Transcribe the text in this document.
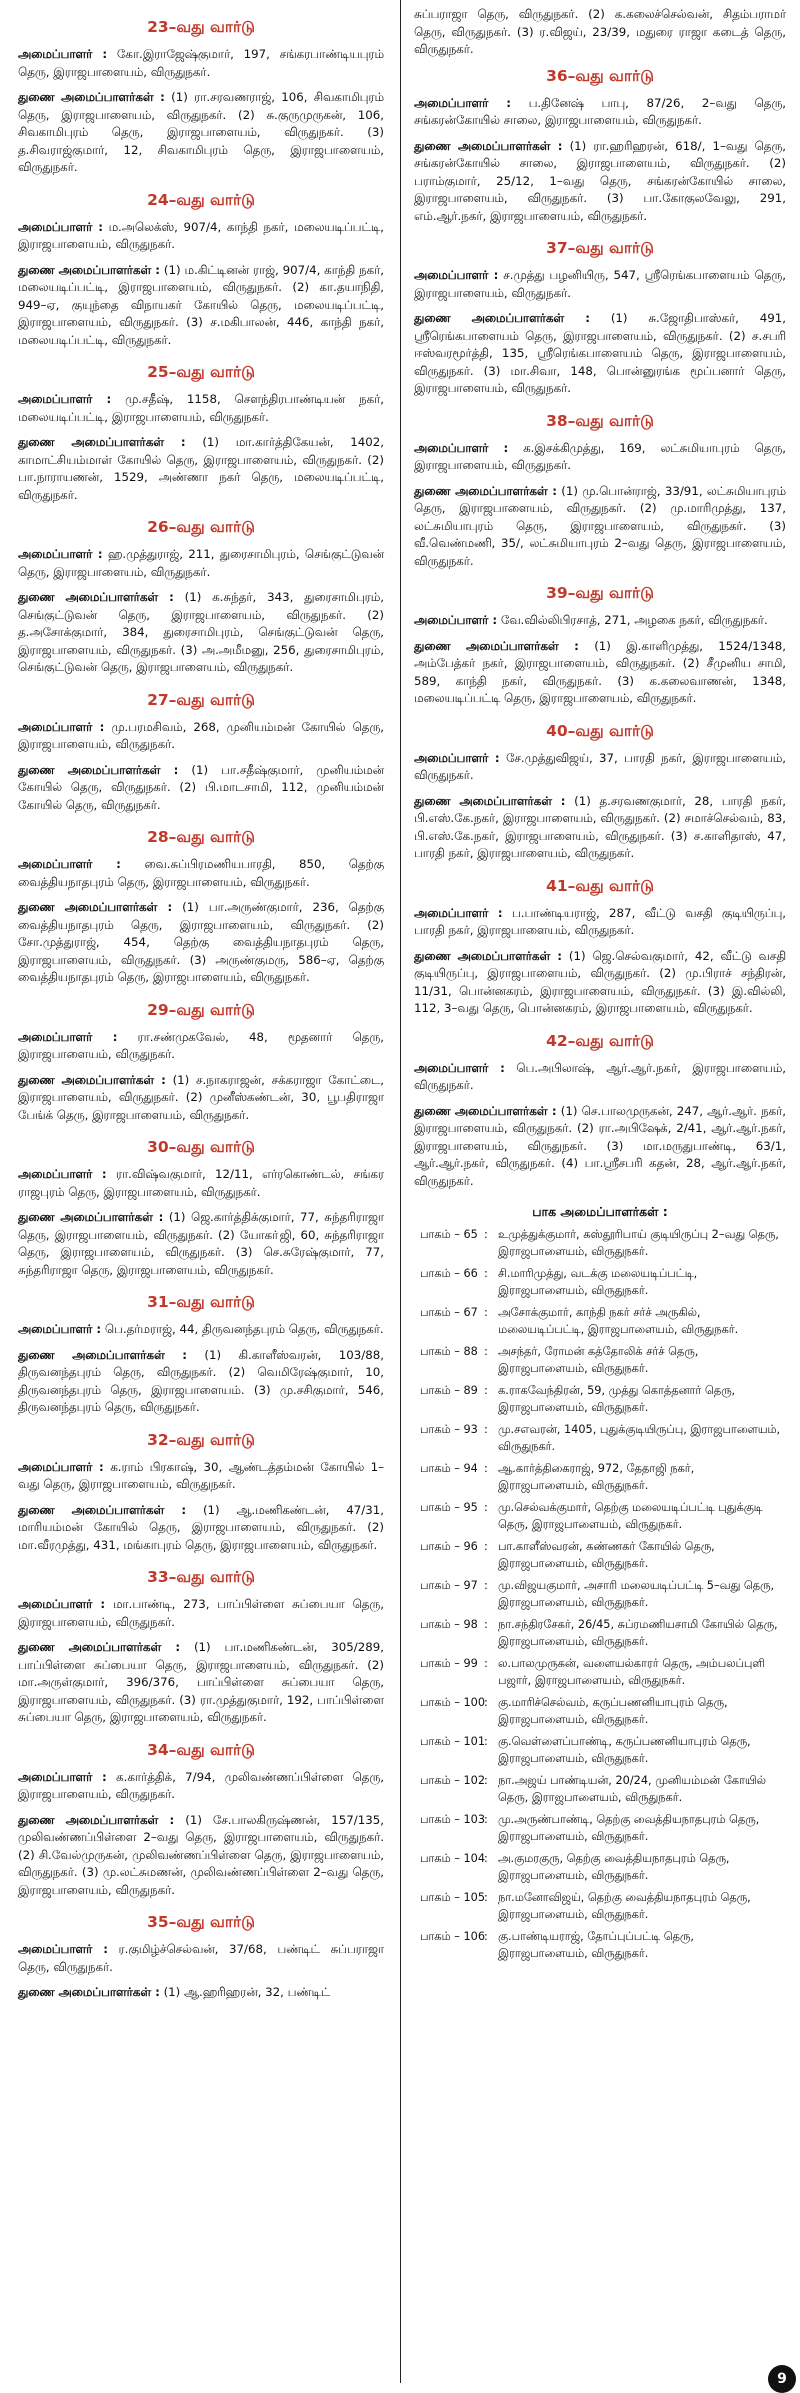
23–வது வார்டு

அமைப்பாளர் : கோ.இராஜேஷ்குமார், 197, சங்கரபாண்டியபுரம் தெரு, இராஜபாளையம், விருதுநகர்.

துணை அமைப்பாளர்கள் : (1) ரா.சரவணராஜ், 106, சிவகாமிபுரம் தெரு, இராஜபாளையம், விருதுநகர். (2) சு.குருமுருகன், 106, சிவகாமிபுரம் தெரு, இராஜபாளையம், விருதுநகர். (3) த.சிவராஜ்குமார், 12, சிவகாமிபுரம் தெரு, இராஜபாளையம், விருதுநகர்.

24–வது வார்டு

அமைப்பாளர் : ம.அலெக்ஸ், 907/4, காந்தி நகர், மலையடிப்பட்டி, இராஜபாளையம், விருதுநகர்.

துணை அமைப்பாளர்கள் : (1) ம.கிட்டினன் ராஜ், 907/4, காந்தி நகர், மலையடிப்பட்டி, இராஜபாளையம், விருதுநகர். (2) கா.தயாநிதி, 949–ஏ, குயுந்தை விநாயகர் கோயில் தெரு, மலையடிப்பட்டி, இராஜபாளையம், விருதுநகர். (3) ச.மகிபாலன், 446, காந்தி நகர், மலையடிப்பட்டி, விருதுநகர்.

25–வது வார்டு

அமைப்பாளர் : மு.சதீஷ், 1158, சௌந்திரபாண்டியன் நகர், மலையடிப்பட்டி, இராஜபாளையம், விருதுநகர்.

துணை அமைப்பாளர்கள் : (1) மா.கார்த்திகேயன், 1402, காமாட்சியம்மாள் கோயில் தெரு, இராஜபாளையம், விருதுநகர். (2) பா.நாராயணன், 1529, அண்ணா நகர் தெரு, மலையடிப்பட்டி, விருதுநகர்.

26–வது வார்டு

அமைப்பாளர் : ஹ.முத்துராஜ், 211, துரைசாமிபுரம், செங்குட்டுவன் தெரு, இராஜபாளையம், விருதுநகர்.

துணை அமைப்பாளர்கள் : (1) க.சுந்தர், 343, துரைசாமிபுரம், செங்குட்டுவன் தெரு, இராஜபாளையம், விருதுநகர். (2) த.அசோக்குமார், 384, துரைசாமிபுரம், செங்குட்டுவன் தெரு, இராஜபாளையம், விருதுநகர். (3) அ.அமீமனு, 256, துரைசாமிபுரம், செங்குட்டுவன் தெரு, இராஜபாளையம், விருதுநகர்.

27–வது வார்டு

அமைப்பாளர் : மு.பரமசிவம், 268, முனியம்மன் கோயில் தெரு, இராஜபாளையம், விருதுநகர்.

துணை அமைப்பாளர்கள் : (1) பா.சதீஷ்குமார், முனியம்மன் கோயில் தெரு, விருதுநகர். (2) பி.மாடசாமி, 112, முனியம்மன் கோயில் தெரு, விருதுநகர்.

28–வது வார்டு

அமைப்பாளர் : வை.சுப்பிரமணியபாரதி, 850, தெற்கு வைத்தியநாதபுரம் தெரு, இராஜபாளையம், விருதுநகர்.

துணை அமைப்பாளர்கள் : (1) பா.அருண்குமார், 236, தெற்கு வைத்தியநாதபுரம் தெரு, இராஜபாளையம், விருதுநகர். (2) சோ.முத்துராஜ், 454, தெற்கு வைத்தியநாதபுரம் தெரு, இராஜபாளையம், விருதுநகர். (3) அருண்குமரு, 586–ஏ, தெற்கு வைத்தியநாதபுரம் தெரு, இராஜபாளையம், விருதுநகர்.

29–வது வார்டு

அமைப்பாளர் : ரா.சண்முகவேல், 48, மூதனார் தெரு, இராஜபாளையம், விருதுநகர்.

துணை அமைப்பாளர்கள் : (1) ச.நாகராஜன், சக்கராஜா கோட்டை, இராஜபாளையம், விருதுநகர். (2) முனீஸ்கண்டன், 30, பூபதிராஜா பேங்க் தெரு, இராஜபாளையம், விருதுநகர்.

30–வது வார்டு

அமைப்பாளர் : ரா.விஷ்வகுமார், 12/11, எர்ரகொண்டல், சங்கர ராஜபுரம் தெரு, இராஜபாளையம், விருதுநகர்.

துணை அமைப்பாளர்கள் : (1) ஜெ.கார்த்திக்குமார், 77, சுந்தரிராஜா தெரு, இராஜபாளையம், விருதுநகர். (2) யோகா்ஜி, 60, சுந்தரிராஜா தெரு, இராஜபாளையம், விருதுநகர். (3) செ.சுரேஷ்குமார், 77, சுந்தரிராஜா தெரு, இராஜபாளையம், விருதுநகர்.

31–வது வார்டு

அமைப்பாளர் : பெ.தர்மராஜ், 44, திருவனந்தபுரம் தெரு, விருதுநகர்.

துணை அமைப்பாளர்கள் : (1) கி.காளீஸ்வரன், 103/88, திருவனந்தபுரம் தெரு, விருதுநகர். (2) வெமிரேஷ்குமார், 10, திருவனந்தபுரம் தெரு, இராஜபாளையம். (3) மு.சசிகுமார், 546, திருவனந்தபுரம் தெரு, விருதுநகர்.

32–வது வார்டு

அமைப்பாளர் : க.ராம் பிரகாஷ், 30, ஆண்டத்தம்மன் கோயில் 1–வது தெரு, இராஜபாளையம், விருதுநகர்.

துணை அமைப்பாளர்கள் : (1) ஆ.மணிகண்டன், 47/31, மாரியம்மன் கோயில் தெரு, இராஜபாளையம், விருதுநகர். (2) மா.வீரமுத்து, 431, மங்காபுரம் தெரு, இராஜபாளையம், விருதுநகர்.

33–வது வார்டு

அமைப்பாளர் : மா.பாண்டி, 273, பாப்பிள்ளை சுப்பையா தெரு, இராஜபாளையம், விருதுநகர்.

துணை அமைப்பாளர்கள் : (1) பா.மணிகண்டன், 305/289, பாப்பிள்ளை சுப்பையா தெரு, இராஜபாளையம், விருதுநகர். (2) மா.அருள்குமார், 396/376, பாப்பிள்ளை சுப்பையா தெரு, இராஜபாளையம், விருதுநகர். (3) ரா.முத்துகுமார், 192, பாப்பிள்ளை சுப்பையா தெரு, இராஜபாளையம், விருதுநகர்.

34–வது வார்டு

அமைப்பாளர் : க.கார்த்திக், 7/94, முலிவண்ணப்பிள்ளை தெரு, இராஜபாளையம், விருதுநகர்.

துணை அமைப்பாளர்கள் : (1) சே.பாலகிருஷ்ணன், 157/135, முலிவண்ணப்பிள்ளை 2–வது தெரு, இராஜபாளையம், விருதுநகர். (2) சி.வேல்முருகன், முலிவண்ணப்பிள்ளை தெரு, இராஜபாளையம், விருதுநகர். (3) மு.லட்சுமணன், முலிவண்ணப்பிள்ளை 2–வது தெரு, இராஜபாளையம், விருதுநகர்.

35–வது வார்டு

அமைப்பாளர் : ர.குமிழ்ச்செல்வன், 37/68, பண்டிட் சுப்பராஜா தெரு, விருதுநகர்.

துணை அமைப்பாளர்கள் : (1) ஆ.ஹரிஹரன், 32, பண்டிட்

சுப்பராஜா தெரு, விருதுநகர். (2) க.கலைச்செல்வன், சிதம்பராமர் தெரு, விருதுநகர். (3) ர.விஜய், 23/39, மதுரை ராஜா கடைத் தெரு, விருதுநகர்.

36–வது வார்டு

அமைப்பாளர் : ப.தினேஷ் பாபு, 87/26, 2–வது தெரு, சங்கரன்கோயில் சாலை, இராஜபாளையம், விருதுநகர்.

துணை அமைப்பாளர்கள் : (1) ரா.ஹரிஹரன், 618/, 1–வது தெரு, சங்கரன்கோயில் சாலை, இராஜபாளையம், விருதுநகர். (2) பராம்குமார், 25/12, 1–வது தெரு, சங்கரன்கோயில் சாலை, இராஜபாளையம், விருதுநகர். (3) பா.கோகுலவேலு, 291, எம்.ஆர்.நகர், இராஜபாளையம், விருதுநகர்.

37–வது வார்டு

அமைப்பாளர் : ச.முத்து பழனியிரு, 547, ஸ்ரீரெங்கபாளையம் தெரு, இராஜபாளையம், விருதுநகர்.

துணை அமைப்பாளர்கள் : (1) சு.ஜோதிபாஸ்கர், 491, ஸ்ரீரெங்கபாளையம் தெரு, இராஜபாளையம், விருதுநகர். (2) ச.சபரி ஈஸ்வரமூர்த்தி, 135, ஸ்ரீரெங்கபாளையம் தெரு, இராஜபாளையம், விருதுநகர். (3) மா.சிவா, 148, பொன்னுரங்க மூப்பனார் தெரு, இராஜபாளையம், விருதுநகர்.

38–வது வார்டு

அமைப்பாளர் : க.இசக்கிமுத்து, 169, லட்சுமியாபுரம் தெரு, இராஜபாளையம், விருதுநகர்.

துணை அமைப்பாளர்கள் : (1) மு.பொன்ராஜ், 33/91, லட்சுமியாபுரம் தெரு, இராஜபாளையம், விருதுநகர். (2) மு.மாரிமுத்து, 137, லட்சுமியாபுரம் தெரு, இராஜபாளையம், விருதுநகர். (3) வீ.வெண்மணி, 35/, லட்சுமியாபுரம் 2–வது தெரு, இராஜபாளையம், விருதுநகர்.

39–வது வார்டு

அமைப்பாளர் : வே.வில்லிபிரசாத், 271, அழகை நகர், விருதுநகர்.

துணை அமைப்பாளர்கள் : (1) இ.காளிமுத்து, 1524/1348, அம்பேத்கர் நகர், இராஜபாளையம், விருதுநகர். (2) சீமுனிய சாமி, 589, காந்தி நகர், விருதுநகர். (3) க.கலைவாணன், 1348, மலையடிப்பட்டி தெரு, இராஜபாளையம், விருதுநகர்.

40–வது வார்டு

அமைப்பாளர் : சே.முத்துவிஜய், 37, பாரதி நகர், இராஜபாளையம், விருதுநகர்.

துணை அமைப்பாளர்கள் : (1) த.சரவணகுமார், 28, பாரதி நகர், பி.எஸ்.கே.நகர், இராஜபாளையம், விருதுநகர். (2) சமாச்செல்வம், 83, பி.எஸ்.கே.நகர், இராஜபாளையம், விருதுநகர். (3) ச.காளிதாஸ், 47, பாரதி நகர், இராஜபாளையம், விருதுநகர்.

41–வது வார்டு

அமைப்பாளர் : ப.பாண்டியராஜ், 287, வீட்டு வசதி குடியிருப்பு, பாரதி நகர், இராஜபாளையம், விருதுநகர்.

துணை அமைப்பாளர்கள் : (1) ஜெ.செல்வகுமார், 42, வீட்டு வசதி குடியிருப்பு, இராஜபாளையம், விருதுநகர். (2) மு.பிராச் சந்திரன், 11/31, பொன்னகரம், இராஜபாளையம், விருதுநகர். (3) இ.வில்லி, 112, 3–வது தெரு, பொன்னகரம், இராஜபாளையம், விருதுநகர்.

42–வது வார்டு

அமைப்பாளர் : பெ.அபிலாஷ், ஆர்.ஆர்.நகர், இராஜபாளையம், விருதுநகர்.

துணை அமைப்பாளர்கள் : (1) செ.பாலமுருகன், 247, ஆர்.ஆர். நகர், இராஜபாளையம், விருதுநகர். (2) ரா.அபிஷேக், 2/41, ஆர்.ஆர்.நகர், இராஜபாளையம், விருதுநகர். (3) மா.மருதுபாண்டி, 63/1, ஆர்.ஆர்.நகர், விருதுநகர். (4) பா.ஸ்ரீசபரி கதன், 28, ஆர்.ஆர்.நகர், விருதுநகர்.

பாக அமைப்பாளர்கள் :
பாகம் – 65 : உமுத்துக்குமார், கஸ்தூரிபாய் குடியிருப்பு 2–வது தெரு, இராஜபாளையம், விருதுநகர்.
பாகம் – 66 : சி.மாரிமுத்து, வடக்கு மலையடிப்பட்டி, இராஜபாளையம், விருதுநகர்.
பாகம் – 67 : அசோக்குமார், காந்தி நகர் சர்ச் அருகில், மலையடிப்பட்டி, இராஜபாளையம், விருதுநகர்.
பாகம் – 88 : அசந்தர், ரோமன் கத்தோலிக் சர்ச் தெரு, இராஜபாளையம், விருதுநகர்.
பாகம் – 89 : க.ராகவேந்திரன், 59, முத்து கொத்தனார் தெரு, இராஜபாளையம், விருதுநகர்.
பாகம் – 93 : மு.சஎவரன், 1405, புதுக்குடியிருப்பு, இராஜபாளையம், விருதுநகர்.
பாகம் – 94 : ஆ.கார்த்திகைராஜ், 972, தேதாஜி நகர், இராஜபாளையம், விருதுநகர்.
பாகம் – 95 : மு.செல்வக்குமார், தெற்கு மலையடிப்பட்டி புதுக்குடி தெரு, இராஜபாளையம், விருதுநகர்.
பாகம் – 96 : பா.காளீஸ்வரன், கண்ணகர் கோயில் தெரு, இராஜபாளையம், விருதுநகர்.
பாகம் – 97 : மு.விஜயகுமார், அசாரி மலையடிப்பட்டி 5–வது தெரு, இராஜபாளையம், விருதுநகர்.
பாகம் – 98 : நா.சந்திரசேகர், 26/45, சுப்ரமணியசாமி கோயில் தெரு, இராஜபாளையம், விருதுநகர்.
பாகம் – 99 : ல.பாலமுருகன், வளையல்காரர் தெரு, அம்பலப்புளி பஜார், இராஜபாளையம், விருதுநகர்.
பாகம் – 100
: கு.மாரிச்செல்வம், கருப்பணனியாபுரம் தெரு, இராஜபாளையம், விருதுநகர்.
பாகம் – 101
: கு.வெள்ளைப்பாண்டி, கருப்பணனியாபுரம் தெரு, இராஜபாளையம், விருதுநகர்.
பாகம் – 102
: நா.அஜய் பாண்டியன், 20/24, முனியம்மன் கோயில் தெரு, இராஜபாளையம், விருதுநகர்.
பாகம் – 103
: மு.அருண்பாண்டி, தெற்கு வைத்தியநாதபுரம் தெரு, இராஜபாளையம், விருதுநகர்.
பாகம் – 104
: அ.குமரகுரு, தெற்கு வைத்தியநாதபுரம் தெரு, இராஜபாளையம், விருதுநகர்.
பாகம் – 105
: நா.மனோவிஜய், தெற்கு வைத்தியநாதபுரம் தெரு, இராஜபாளையம், விருதுநகர்.
பாகம் – 106
: கு.பாண்டியராஜ், தோப்புப்பட்டி தெரு, இராஜபாளையம், விருதுநகர்.
9
